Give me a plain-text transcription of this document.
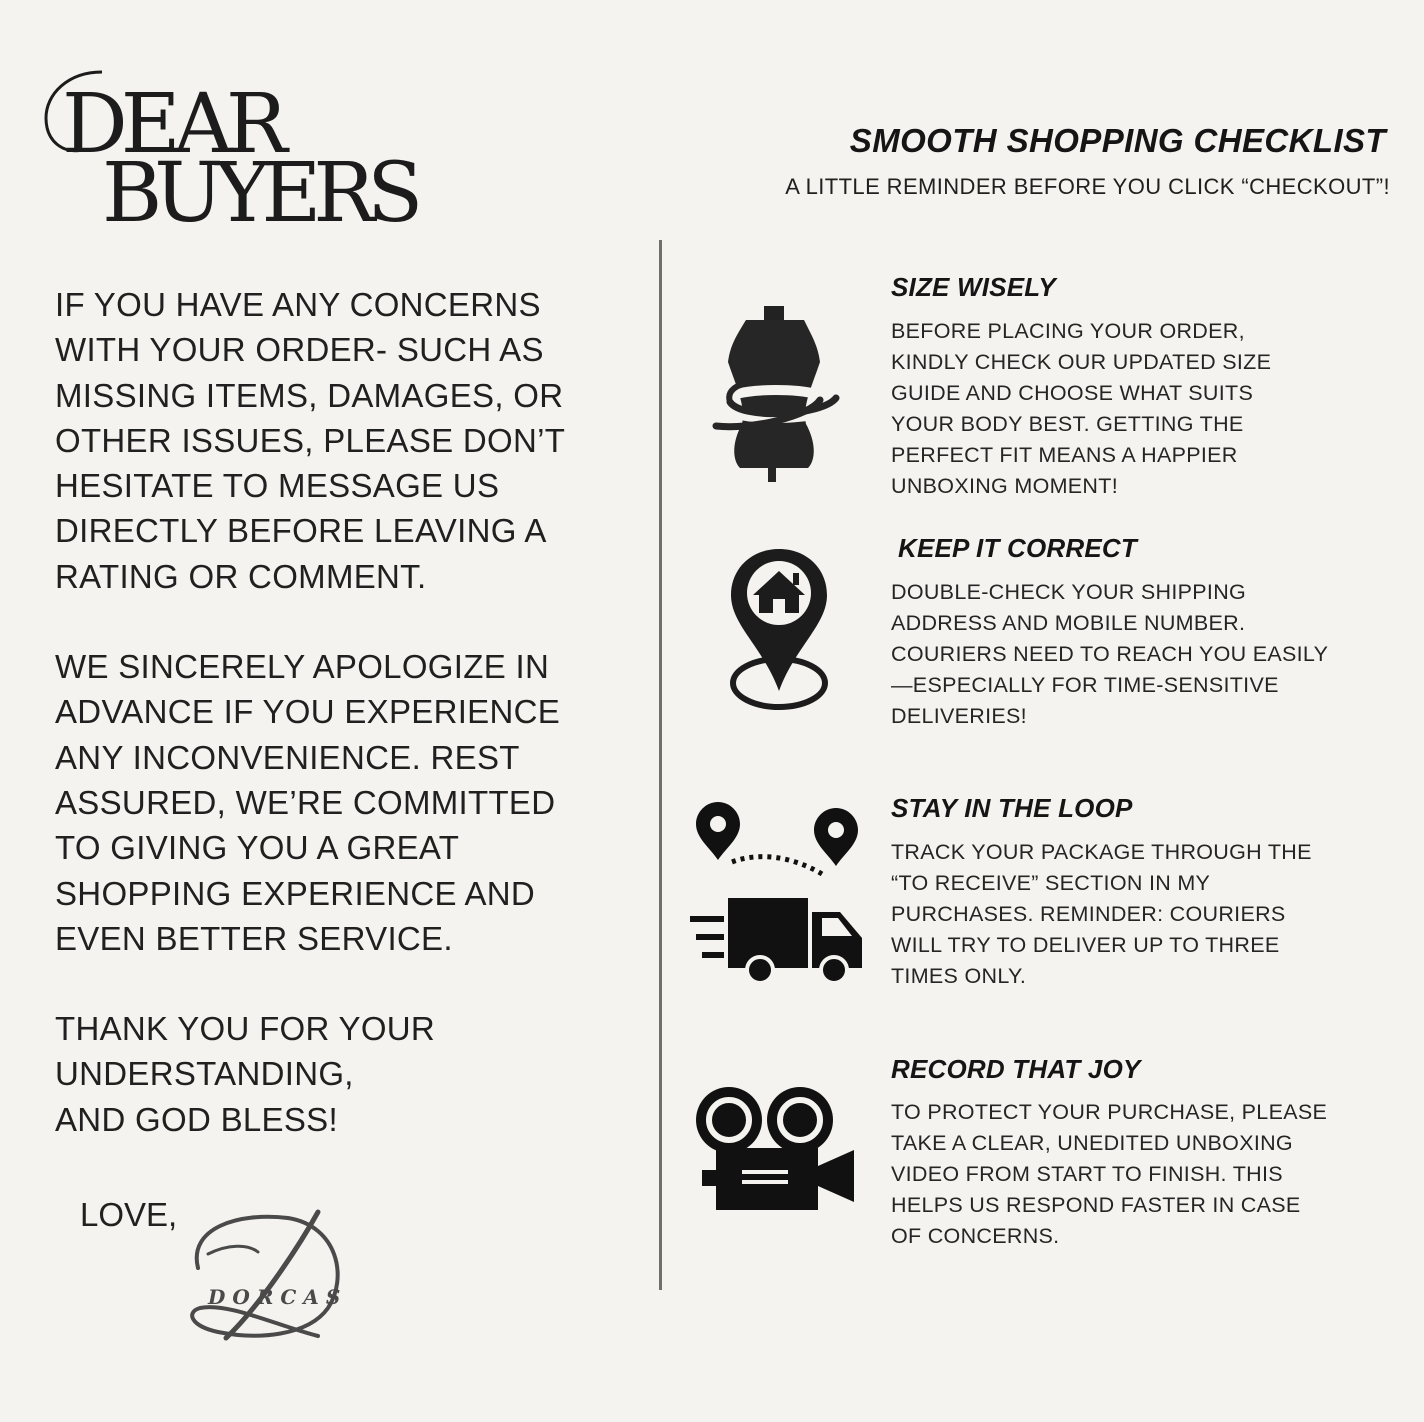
DEAR
BUYERS

IF YOU HAVE ANY CONCERNS
WITH YOUR ORDER- SUCH AS
MISSING ITEMS, DAMAGES, OR
OTHER ISSUES, PLEASE DON’T
HESITATE TO MESSAGE US
DIRECTLY BEFORE LEAVING A
RATING OR COMMENT.

WE SINCERELY APOLOGIZE IN
ADVANCE IF YOU EXPERIENCE
ANY INCONVENIENCE. REST
ASSURED, WE’RE COMMITTED
TO GIVING YOU A GREAT
SHOPPING EXPERIENCE AND
EVEN BETTER SERVICE.

THANK YOU FOR YOUR
UNDERSTANDING,
AND GOD BLESS!

LOVE,
DORCAS
SMOOTH SHOPPING CHECKLIST
A LITTLE REMINDER BEFORE YOU CLICK “CHECKOUT”!
SIZE WISELY
BEFORE PLACING YOUR ORDER,
KINDLY CHECK OUR UPDATED SIZE
GUIDE AND CHOOSE WHAT SUITS
YOUR BODY BEST. GETTING THE
PERFECT FIT MEANS A HAPPIER
UNBOXING MOMENT!
KEEP IT CORRECT
DOUBLE-CHECK YOUR SHIPPING
ADDRESS AND MOBILE NUMBER.
COURIERS NEED TO REACH YOU EASILY
—ESPECIALLY FOR TIME-SENSITIVE
DELIVERIES!
STAY IN THE LOOP
TRACK YOUR PACKAGE THROUGH THE
“TO RECEIVE” SECTION IN MY
PURCHASES. REMINDER: COURIERS
WILL TRY TO DELIVER UP TO THREE
TIMES ONLY.
RECORD THAT JOY
TO PROTECT YOUR PURCHASE, PLEASE
TAKE A CLEAR, UNEDITED UNBOXING
VIDEO FROM START TO FINISH. THIS
HELPS US RESPOND FASTER IN CASE
OF CONCERNS.
